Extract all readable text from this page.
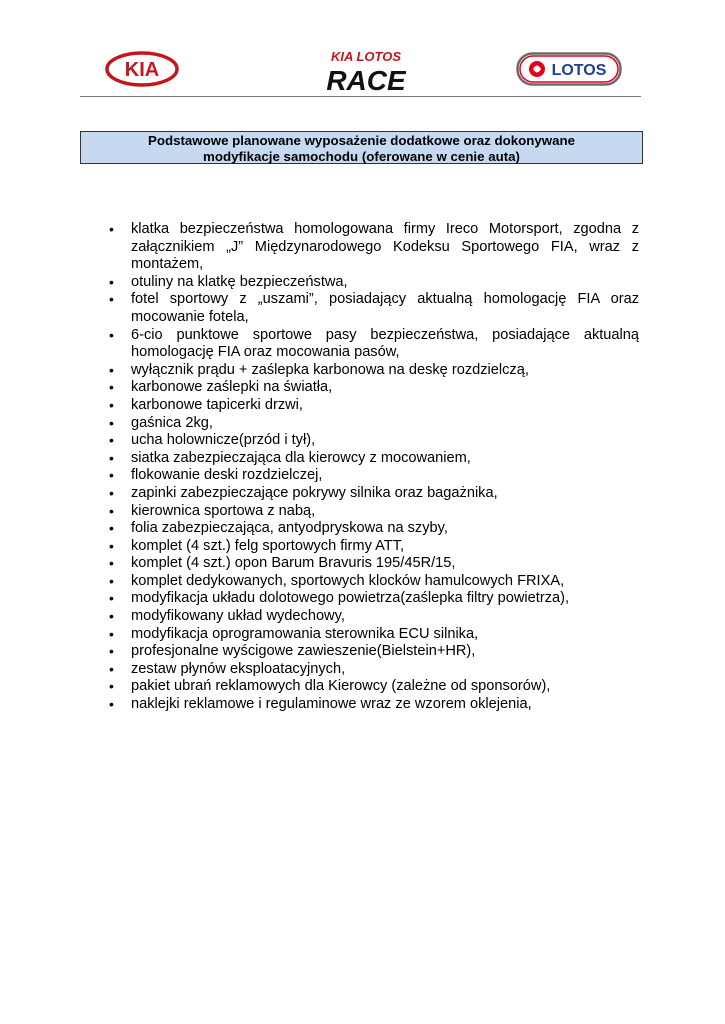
KIA
KIA LOTOS
RACE	LOTOS
Podstawowe planowane wyposażenie dodatkowe oraz dokonywane
modyfikacje samochodu (oferowane w cenie auta)
• klatka bezpieczeństwa homologowana firmy Ireco Motorsport, zgodna z załącznikiem „J” Międzynarodowego Kodeksu Sportowego FIA, wraz z montażem,
• otuliny na klatkę bezpieczeństwa,
• fotel sportowy z „uszami”, posiadający aktualną homologację FIA oraz mocowanie fotela,
• 6-cio punktowe sportowe pasy bezpieczeństwa, posiadające aktualną homologację FIA oraz mocowania pasów,
• wyłącznik prądu + zaślepka karbonowa na deskę rozdzielczą,
• karbonowe zaślepki na światła,
• karbonowe tapicerki drzwi,
• gaśnica 2kg,
• ucha holownicze(przód i tył),
• siatka zabezpieczająca dla kierowcy z mocowaniem,
• flokowanie deski rozdzielczej,
• zapinki zabezpieczające pokrywy silnika oraz bagażnika,
• kierownica sportowa z nabą,
• folia zabezpieczająca, antyodpryskowa na szyby,
• komplet (4 szt.) felg sportowych firmy ATT,
• komplet (4 szt.) opon Barum Bravuris 195/45R/15,
• komplet dedykowanych, sportowych klocków hamulcowych FRIXA,
• modyfikacja układu dolotowego powietrza(zaślepka filtry powietrza),
• modyfikowany układ wydechowy,
• modyfikacja oprogramowania sterownika ECU silnika,
• profesjonalne wyścigowe zawieszenie(Bielstein+HR),
• zestaw płynów eksploatacyjnych,
• pakiet ubrań reklamowych dla Kierowcy (zależne od sponsorów),
• naklejki reklamowe i regulaminowe wraz ze wzorem oklejenia,
